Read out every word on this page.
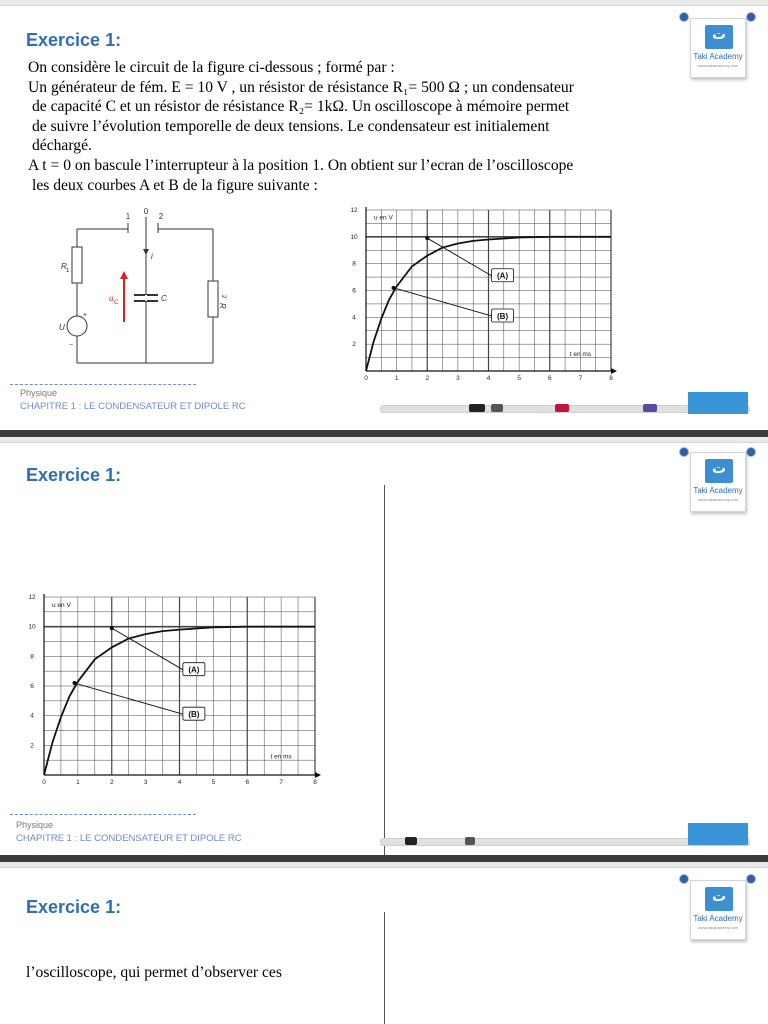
Exercice 1:	ت
Taki Academy
www.takiacademy.com

On considère le circuit de la figure ci-dessous ; formé par :

Un générateur de fém. E = 10 V , un résistor de résistance R₁= 500 Ω ; un condensateur

de capacité C et un résistor de résistance R₂= 1kΩ. Un oscilloscope à mémoire permet

de suivre l’évolution temporelle de deux tensions. Le condensateur est initialement

déchargé.

A t = 0 on bascule l’interrupteur à la position 1. On obtient sur l’ecran de l’oscilloscope

les deux courbes A et B de la figure suivante :

+
−
1
0
2
i
R 1
u C	C
R
2
U
0	1	2	3	4	5	6	7	8
2
4
6
8
10
12
u en V
t en ms
(A)
(B)
Physique
CHAPITRE 1 : LE CONDENSATEUR ET DIPOLE RC
Exercice 1:	ت
Taki Academy
www.takiacademy.com
0	1	2	3	4	5	6	7	8
2
4
6
8
10
12
u en V
t en ms
(A)
(B)
Physique
CHAPITRE 1 : LE CONDENSATEUR ET DIPOLE RC
Exercice 1:	ت
Taki Academy
www.takiacademy.com
l’oscilloscope, qui permet d’observer ces
